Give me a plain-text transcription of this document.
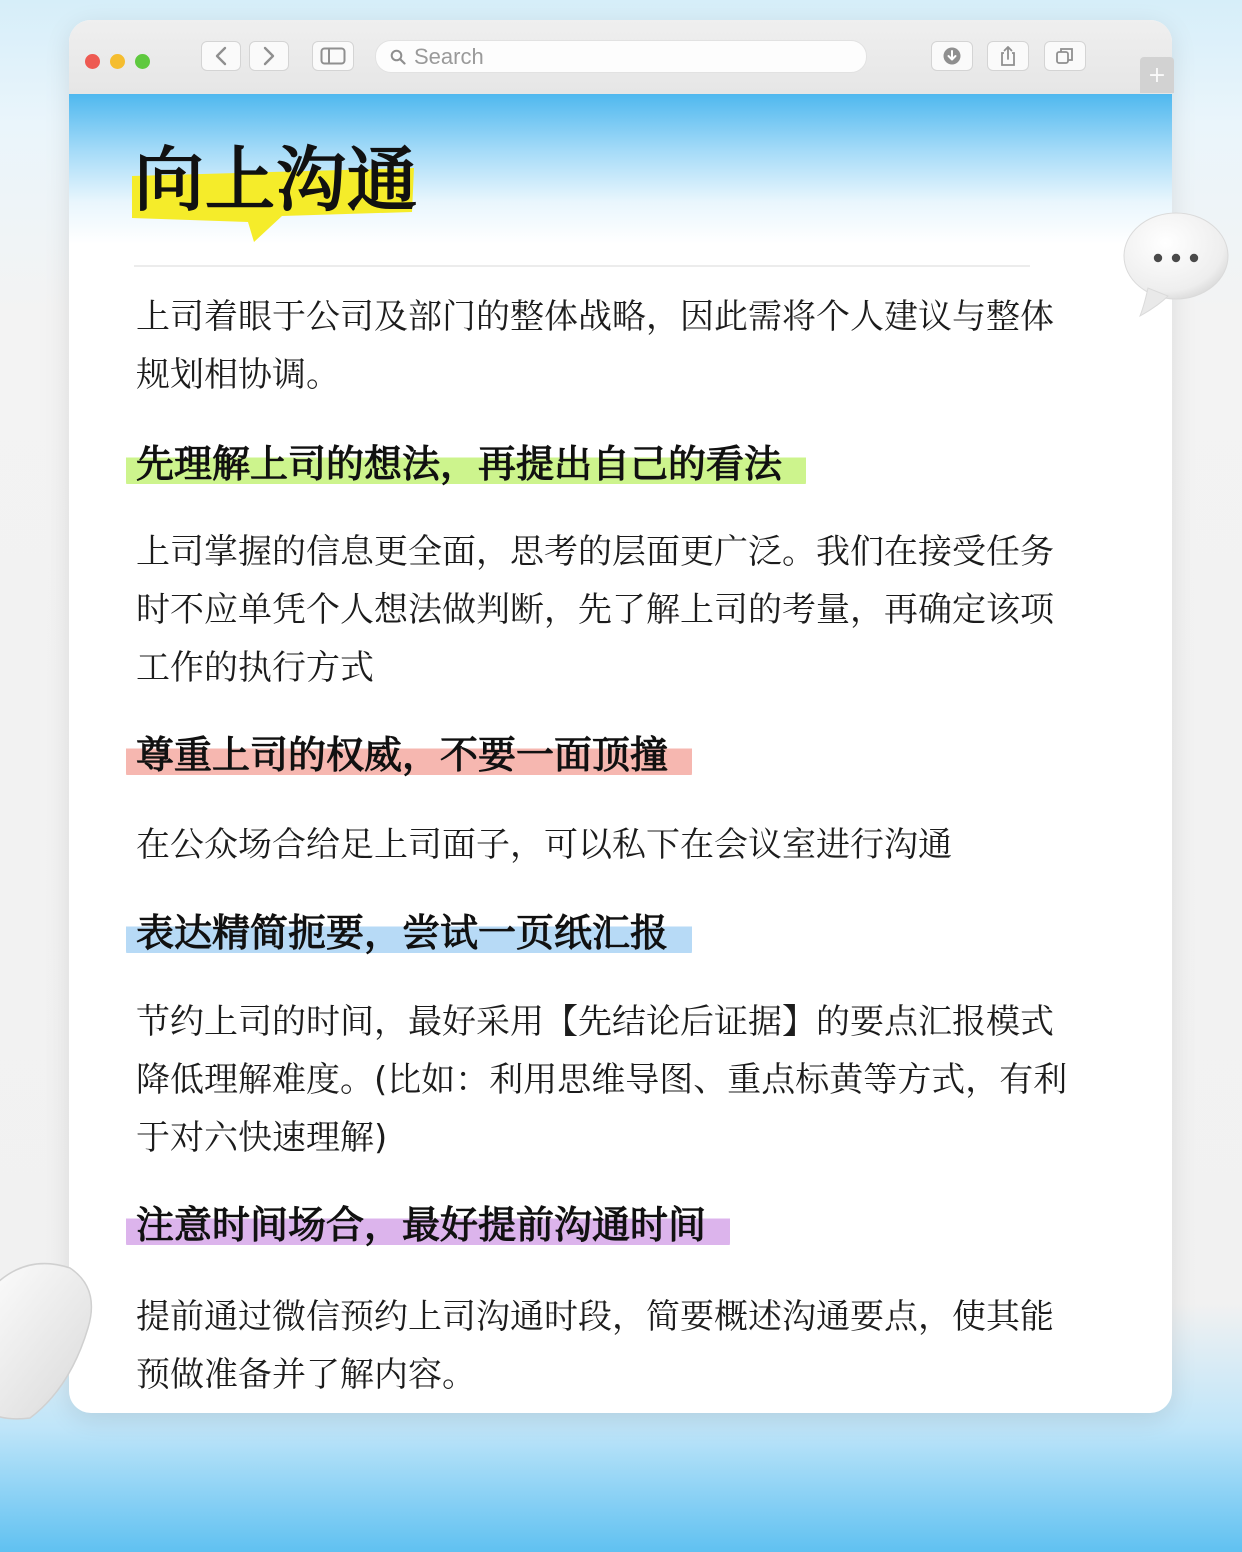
Search
+
向上沟通

上司着眼于公司及部门的整体战略，因此需将个人建议与整体规划相协调。

先理解上司的想法，再提出自己的看法

上司掌握的信息更全面，思考的层面更广泛。我们在接受任务时不应单凭个人想法做判断，先了解上司的考量，再确定该项工作的执行方式

尊重上司的权威，不要一面顶撞

在公众场合给足上司面子，可以私下在会议室进行沟通

表达精简扼要，尝试一页纸汇报

节约上司的时间，最好采用【先结论后证据】的要点汇报模式降低理解难度。(比如：利用思维导图、重点标黄等方式，有利于对六快速理解)

注意时间场合，最好提前沟通时间

提前通过微信预约上司沟通时段，简要概述沟通要点，使其能预做准备并了解内容。
